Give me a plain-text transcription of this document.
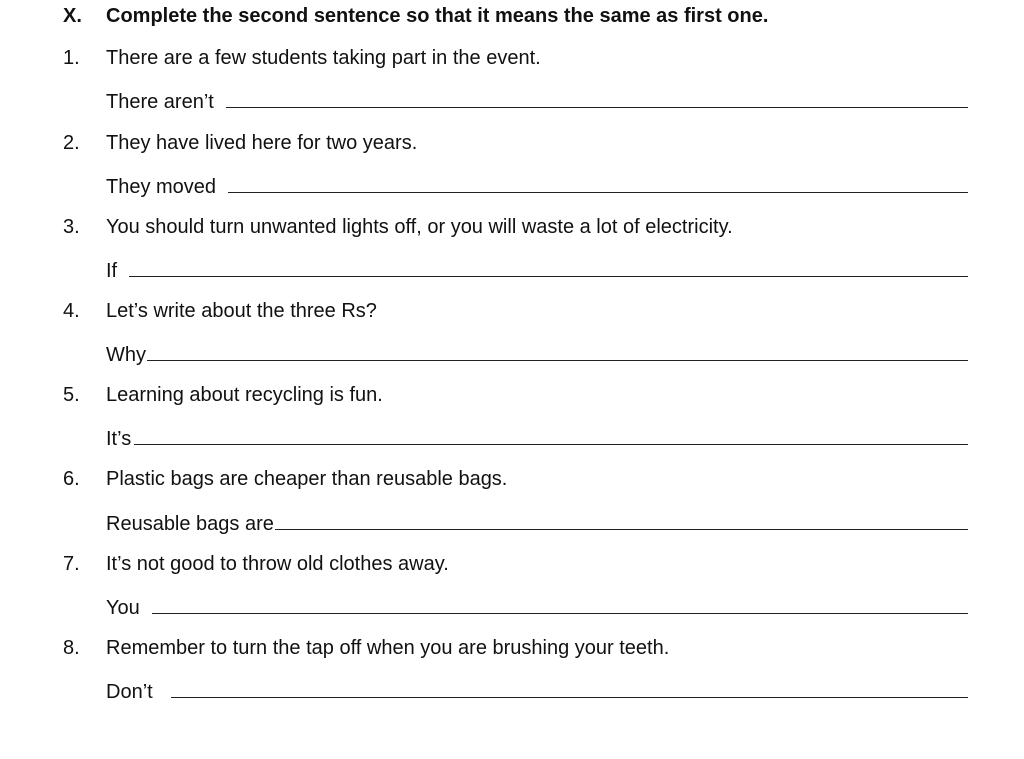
X. Complete the second sentence so that it means the same as first one.
1. There are a few students taking part in the event.
There aren’t
2. They have lived here for two years.
They moved
3. You should turn unwanted lights off, or you will waste a lot of electricity.
If
4. Let’s write about the three Rs?
Why
5. Learning about recycling is fun.
It’s
6. Plastic bags are cheaper than reusable bags.
Reusable bags are
7. It’s not good to throw old clothes away.
You
8. Remember to turn the tap off when you are brushing your teeth.
Don’t
